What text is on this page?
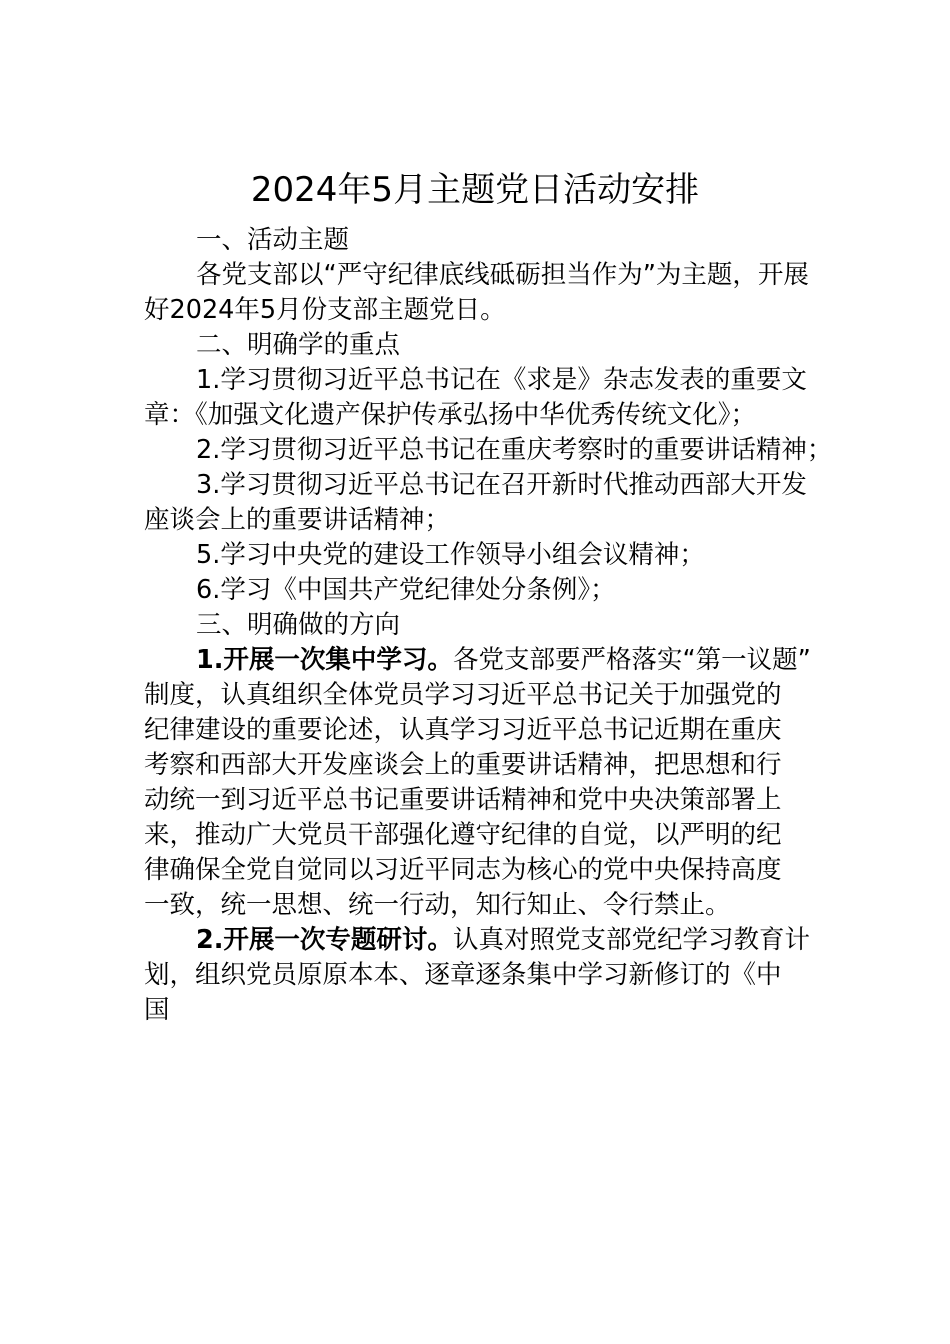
2024年5月主题党日活动安排
一、活动主题
各党支部以“严守纪律底线砥砺担当作为”为主题，开展
好2024年5月份支部主题党日。
二、明确学的重点
1.学习贯彻习近平总书记在《求是》杂志发表的重要文
章：《加强文化遗产保护传承弘扬中华优秀传统文化》；
2.学习贯彻习近平总书记在重庆考察时的重要讲话精神；
3.学习贯彻习近平总书记在召开新时代推动西部大开发
座谈会上的重要讲话精神；
5.学习中央党的建设工作领导小组会议精神；
6.学习《中国共产党纪律处分条例》；
三、明确做的方向
1.开展一次集中学习。各党支部要严格落实“第一议题”
制度，认真组织全体党员学习习近平总书记关于加强党的
纪律建设的重要论述，认真学习习近平总书记近期在重庆
考察和西部大开发座谈会上的重要讲话精神，把思想和行
动统一到习近平总书记重要讲话精神和党中央决策部署上
来，推动广大党员干部强化遵守纪律的自觉，以严明的纪
律确保全党自觉同以习近平同志为核心的党中央保持高度
一致，统一思想、统一行动，知行知止、令行禁止。
2.开展一次专题研讨。认真对照党支部党纪学习教育计
划，组织党员原原本本、逐章逐条集中学习新修订的《中
国
